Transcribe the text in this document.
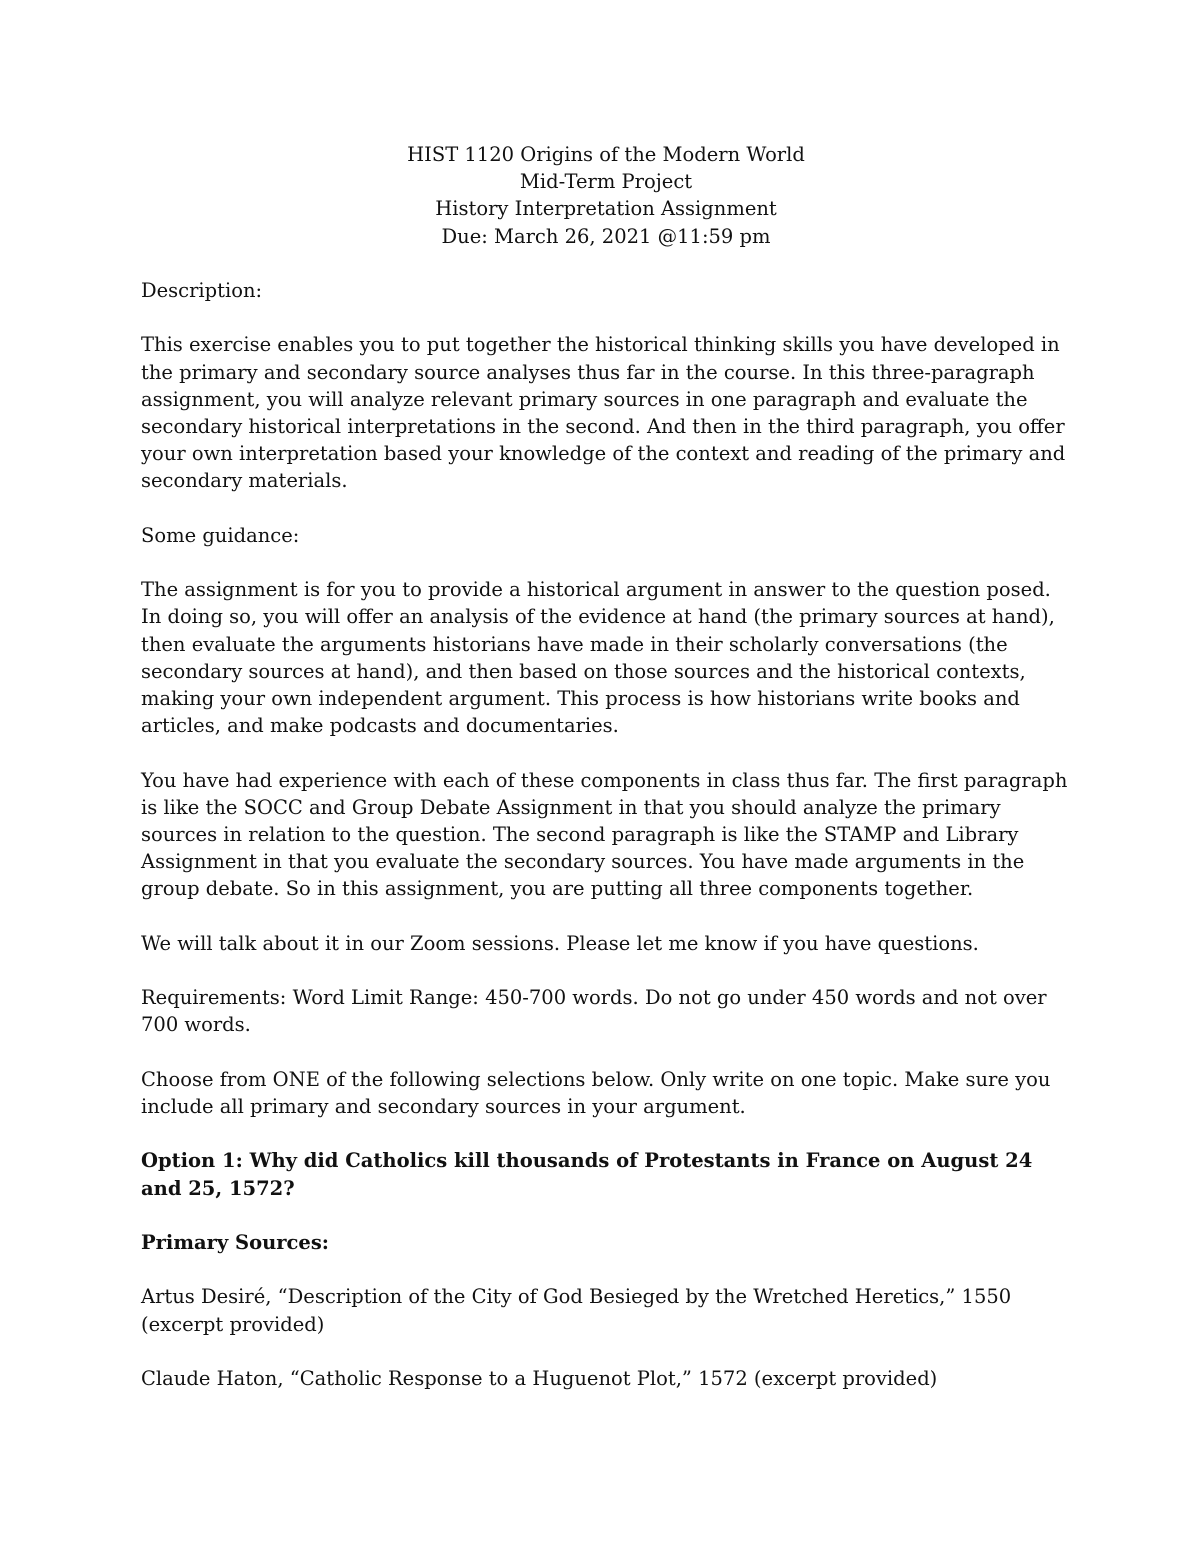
HIST 1120 Origins of the Modern World
Mid-Term Project
History Interpretation Assignment
Due: March 26, 2021 @11:59 pm

Description:

This exercise enables you to put together the historical thinking skills you have developed in the primary and secondary source analyses thus far in the course. In this three-paragraph assignment, you will analyze relevant primary sources in one paragraph and evaluate the secondary historical interpretations in the second. And then in the third paragraph, you offer your own interpretation based your knowledge of the context and reading of the primary and secondary materials.

Some guidance:

The assignment is for you to provide a historical argument in answer to the question posed. In doing so, you will offer an analysis of the evidence at hand (the primary sources at hand), then evaluate the arguments historians have made in their scholarly conversations (the secondary sources at hand), and then based on those sources and the historical contexts, making your own independent argument. This process is how historians write books and articles, and make podcasts and documentaries.

You have had experience with each of these components in class thus far. The first paragraph is like the SOCC and Group Debate Assignment in that you should analyze the primary sources in relation to the question. The second paragraph is like the STAMP and Library Assignment in that you evaluate the secondary sources. You have made arguments in the group debate. So in this assignment, you are putting all three components together.

We will talk about it in our Zoom sessions. Please let me know if you have questions.

Requirements: Word Limit Range: 450-700 words. Do not go under 450 words and not over 700 words.

Choose from ONE of the following selections below. Only write on one topic. Make sure you include all primary and secondary sources in your argument.

Option 1: Why did Catholics kill thousands of Protestants in France on August 24 and 25, 1572?

Primary Sources:

Artus Desiré, “Description of the City of God Besieged by the Wretched Heretics,” 1550 (excerpt provided)

Claude Haton, “Catholic Response to a Huguenot Plot,” 1572 (excerpt provided)
